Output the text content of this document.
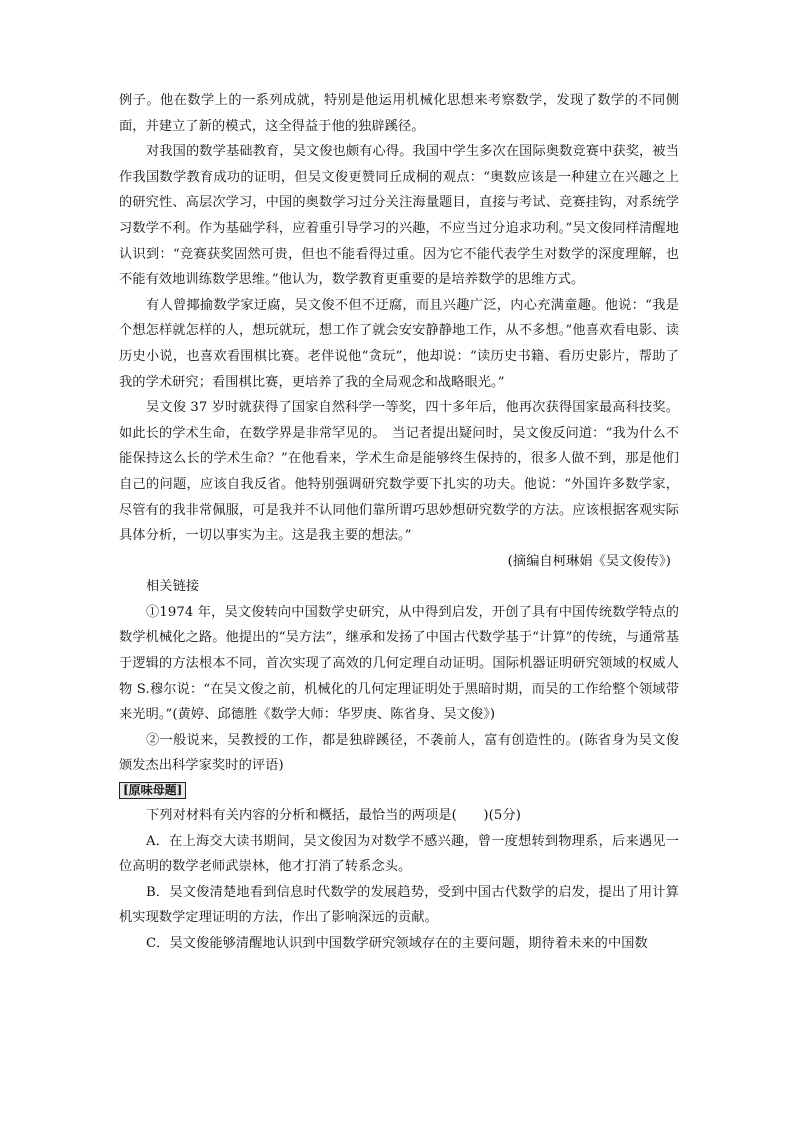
例子。他在数学上的一系列成就，特别是他运用机械化思想来考察数学，发现了数学的不同侧面，并建立了新的模式，这全得益于他的独辟蹊径。

对我国的数学基础教育，吴文俊也颇有心得。我国中学生多次在国际奥数竞赛中获奖，被当作我国数学教育成功的证明，但吴文俊更赞同丘成桐的观点：“奥数应该是一种建立在兴趣之上的研究性、高层次学习，中国的奥数学习过分关注海量题目，直接与考试、竞赛挂钩，对系统学习数学不利。作为基础学科，应着重引导学习的兴趣，不应当过分追求功利。”吴文俊同样清醒地认识到：“竞赛获奖固然可贵，但也不能看得过重。因为它不能代表学生对数学的深度理解，也不能有效地训练数学思维。”他认为，数学教育更重要的是培养数学的思维方式。

有人曾揶揄数学家迂腐，吴文俊不但不迂腐，而且兴趣广泛，内心充满童趣。他说：“我是个想怎样就怎样的人，想玩就玩，想工作了就会安安静静地工作，从不多想。”他喜欢看电影、读历史小说，也喜欢看围棋比赛。老伴说他“贪玩”，他却说：“读历史书籍、看历史影片，帮助了我的学术研究；看围棋比赛，更培养了我的全局观念和战略眼光。”

吴文俊 37 岁时就获得了国家自然科学一等奖，四十多年后，他再次获得国家最高科技奖。如此长的学术生命，在数学界是非常罕见的。　当记者提出疑问时，吴文俊反问道：“我为什么不能保持这么长的学术生命？”在他看来，学术生命是能够终生保持的，很多人做不到，那是他们自己的问题，应该自我反省。他特别强调研究数学要下扎实的功夫。他说：“外国许多数学家，尽管有的我非常佩服，可是我并不认同他们靠所谓巧思妙想研究数学的方法。应该根据客观实际具体分析，一切以事实为主。这是我主要的想法。”

(摘编自柯琳娟《吴文俊传》)

相关链接

①1974 年，吴文俊转向中国数学史研究，从中得到启发，开创了具有中国传统数学特点的数学机械化之路。他提出的“吴方法”，继承和发扬了中国古代数学基于“计算”的传统，与通常基于逻辑的方法根本不同，首次实现了高效的几何定理自动证明。国际机器证明研究领域的权威人物 S.穆尔说：“在吴文俊之前，机械化的几何定理证明处于黑暗时期，而吴的工作给整个领域带来光明。”(黄婷、邱德胜《数学大师：华罗庚、陈省身、吴文俊》)

②一般说来，吴教授的工作，都是独辟蹊径，不袭前人，富有创造性的。(陈省身为吴文俊颁发杰出科学家奖时的评语)

[原味母题]

下列对材料有关内容的分析和概括，最恰当的两项是(　　)(5分)

A．在上海交大读书期间，吴文俊因为对数学不感兴趣，曾一度想转到物理系，后来遇见一位高明的数学老师武崇林，他才打消了转系念头。

B．吴文俊清楚地看到信息时代数学的发展趋势，受到中国古代数学的启发，提出了用计算机实现数学定理证明的方法，作出了影响深远的贡献。

C．吴文俊能够清醒地认识到中国数学研究领域存在的主要问题，期待着未来的中国数
